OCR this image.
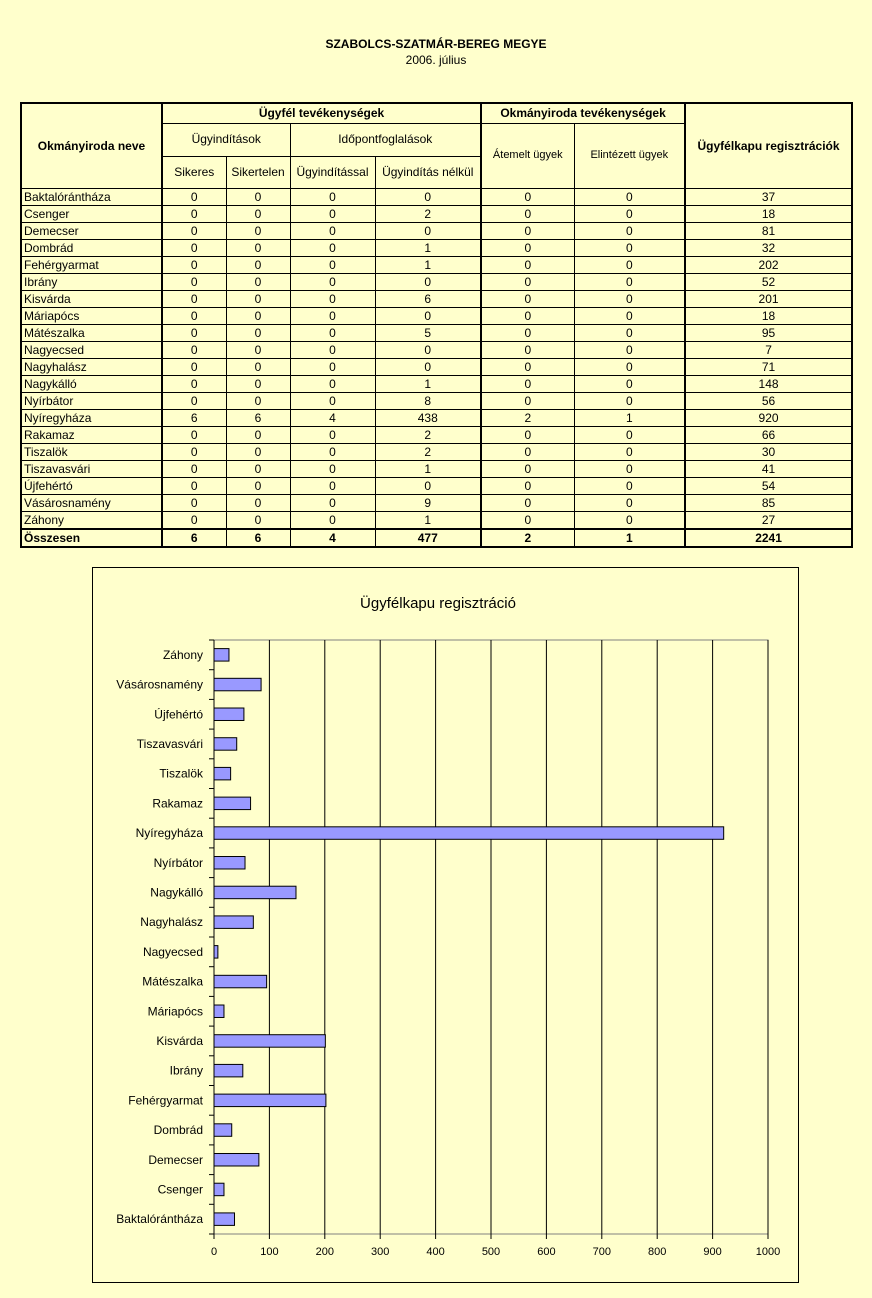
SZABOLCS-SZATMÁR-BEREG MEGYE
2006. július
Okmányiroda neve	Ügyfél tevékenységek				Okmányiroda tevékenységek		Ügyfélkapu regisztrációk
	Ügyindítások		Időpontfoglalások		Átemelt ügyek	Elintézett ügyek	
	Sikeres	Sikertelen	Ügyindítással	Ügyindítás nélkül			
Baktalórántháza	0	0	0	0	0	0	37
Csenger	0	0	0	2	0	0	18
Demecser	0	0	0	0	0	0	81
Dombrád	0	0	0	1	0	0	32
Fehérgyarmat	0	0	0	1	0	0	202
Ibrány	0	0	0	0	0	0	52
Kisvárda	0	0	0	6	0	0	201
Máriapócs	0	0	0	0	0	0	18
Mátészalka	0	0	0	5	0	0	95
Nagyecsed	0	0	0	0	0	0	7
Nagyhalász	0	0	0	0	0	0	71
Nagykálló	0	0	0	1	0	0	148
Nyírbátor	0	0	0	8	0	0	56
Nyíregyháza	6	6	4	438	2	1	920
Rakamaz	0	0	0	2	0	0	66
Tiszalök	0	0	0	2	0	0	30
Tiszavasvári	0	0	0	1	0	0	41
Újfehértó	0	0	0	0	0	0	54
Vásárosnamény	0	0	0	9	0	0	85
Záhony	0	0	0	1	0	0	27
Összesen	6	6	4	477	2	1	2241
Ügyfélkapu regisztráció
0	100	200	300	400	500	600	700	800	900	1000
Baktalórántháza
Csenger
Demecser
Dombrád
Fehérgyarmat
Ibrány
Kisvárda
Máriapócs
Mátészalka
Nagyecsed
Nagyhalász
Nagykálló
Nyírbátor
Nyíregyháza
Rakamaz
Tiszalök
Tiszavasvári
Újfehértó
Vásárosnamény
Záhony
